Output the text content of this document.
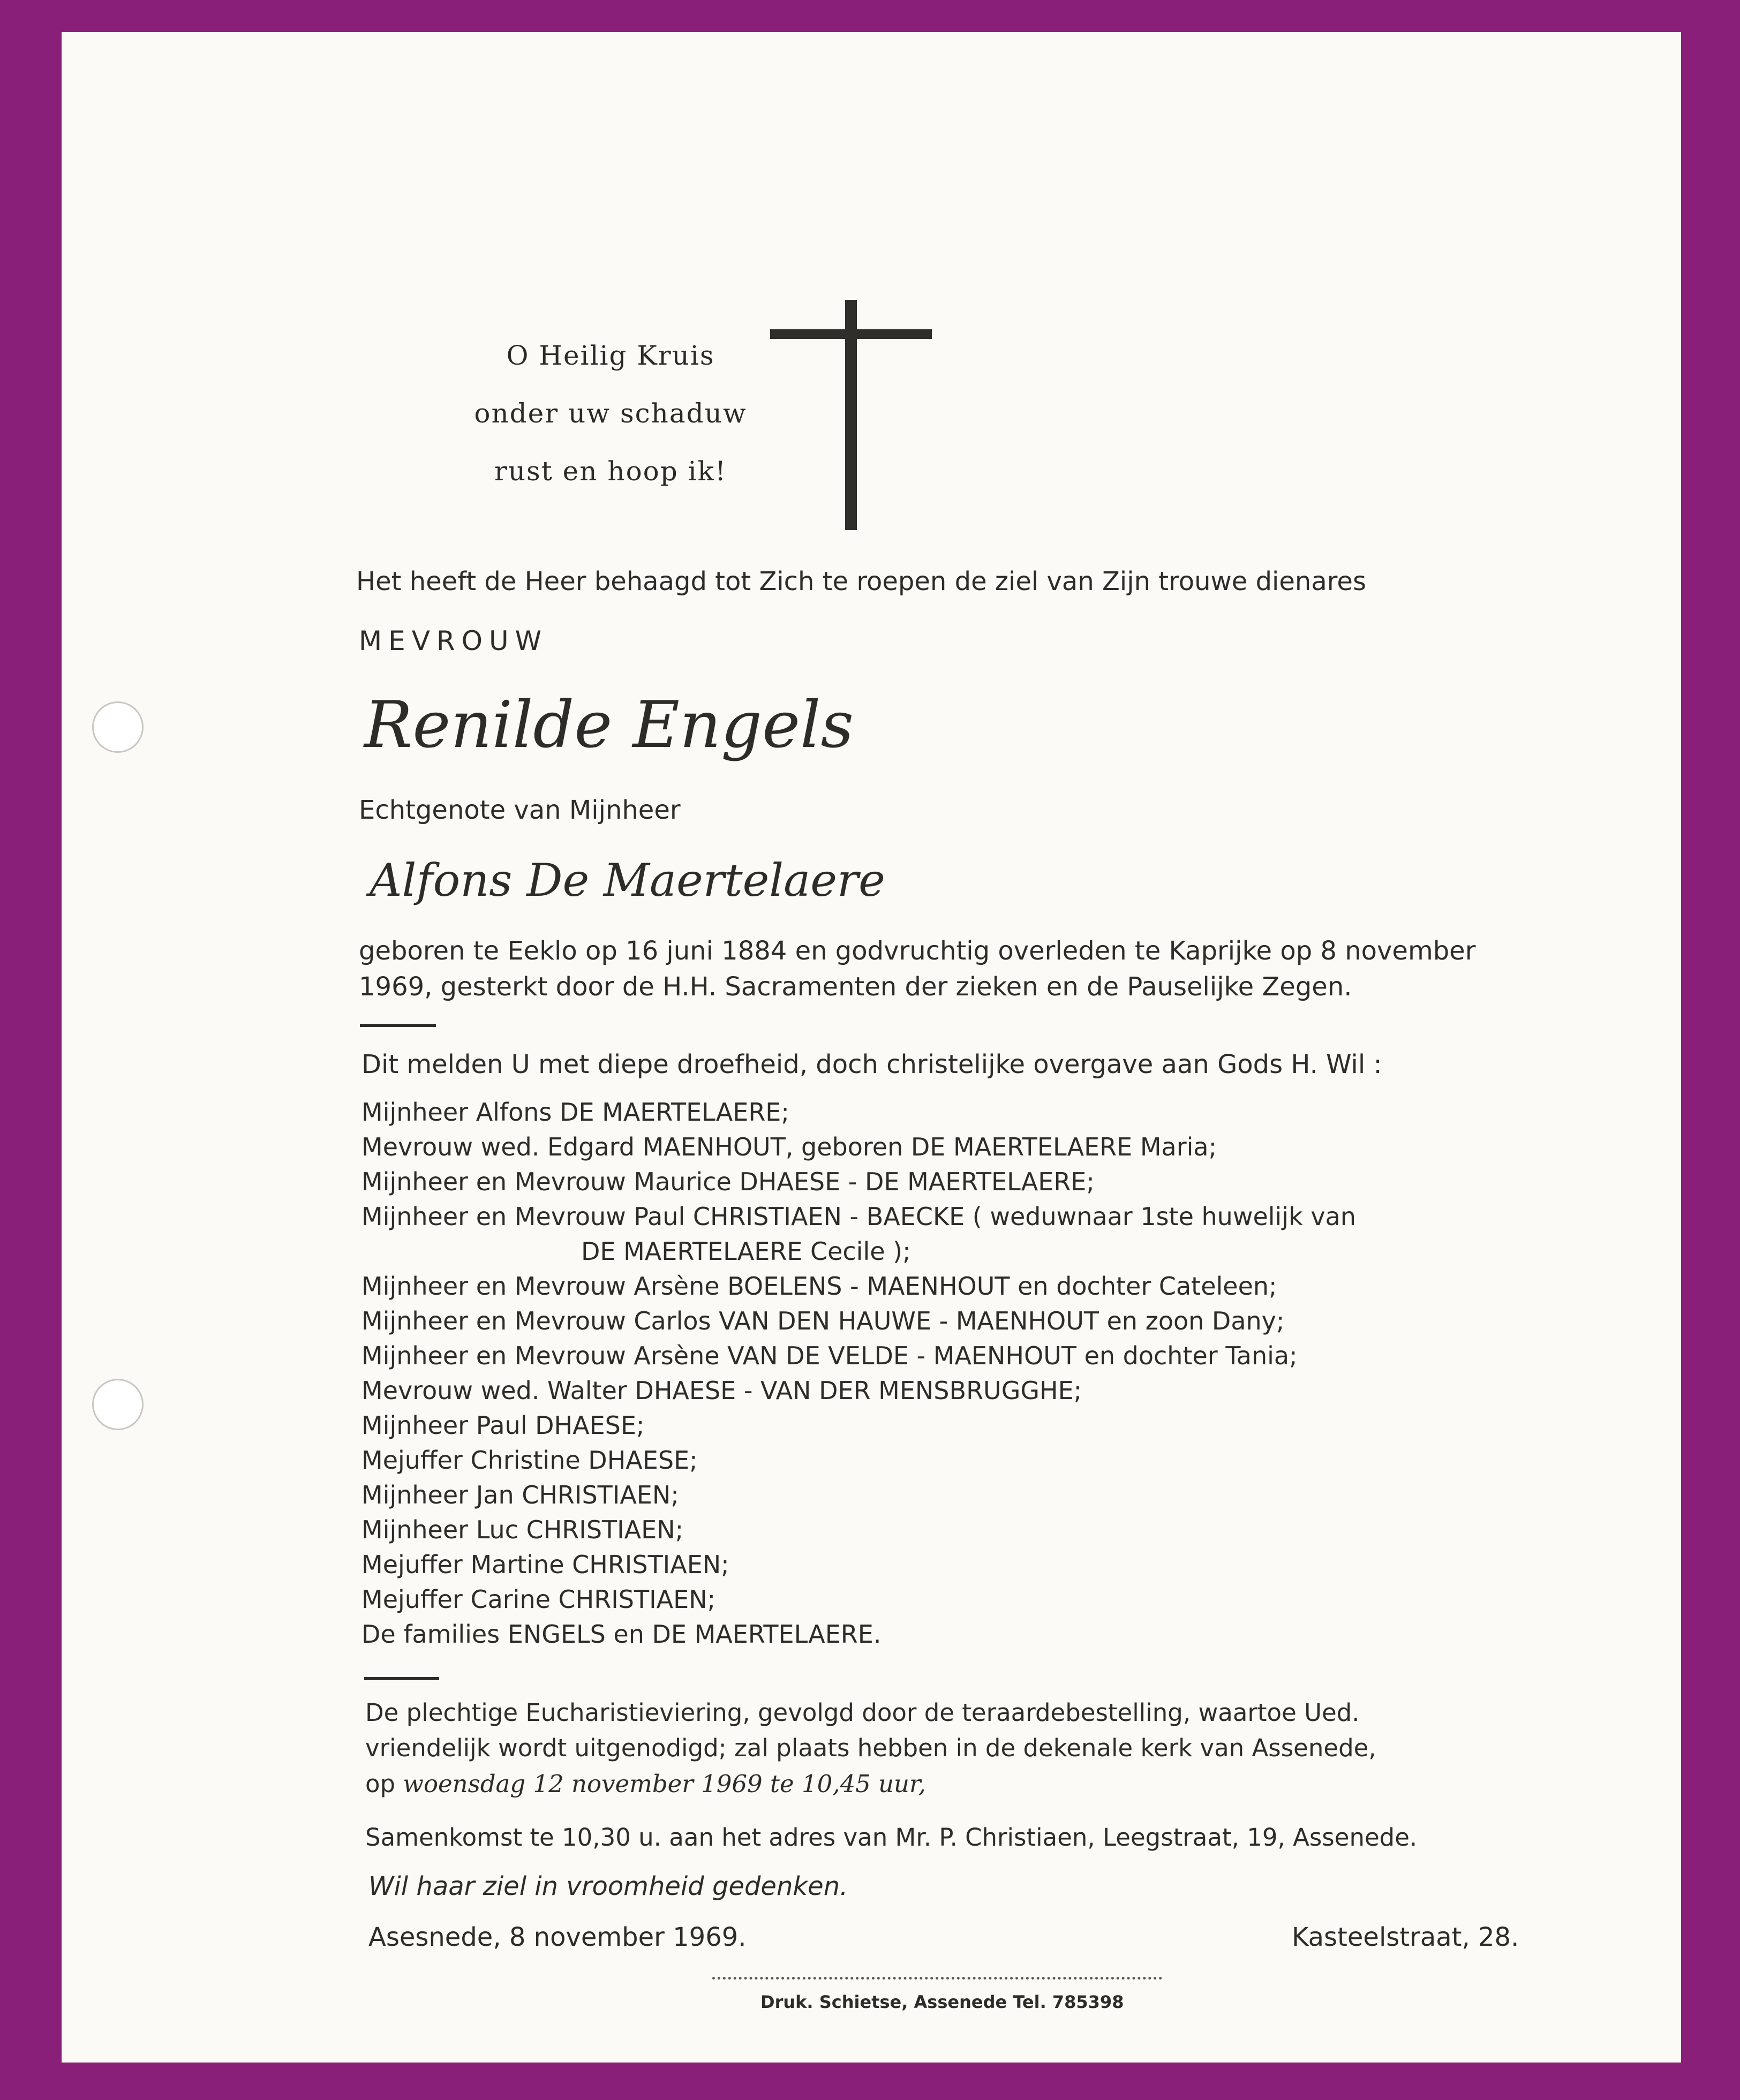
O Heilig Kruis
onder uw schaduw
rust en hoop ik!
Het heeft de Heer behaagd tot Zich te roepen de ziel van Zijn trouwe dienares
MEVROUW
Renilde Engels
Echtgenote van Mijnheer
Alfons De Maertelaere
geboren te Eeklo op 16 juni 1884 en godvruchtig overleden te Kaprijke op 8 november
1969, gesterkt door de H.H. Sacramenten der zieken en de Pauselijke Zegen.
Dit melden U met diepe droefheid, doch christelijke overgave aan Gods H. Wil :
Mijnheer Alfons DE MAERTELAERE;
Mevrouw wed. Edgard MAENHOUT, geboren DE MAERTELAERE Maria;
Mijnheer en Mevrouw Maurice DHAESE - DE MAERTELAERE;
Mijnheer en Mevrouw Paul CHRISTIAEN - BAECKE ( weduwnaar 1ste huwelijk van
DE MAERTELAERE Cecile );
Mijnheer en Mevrouw Arsène BOELENS - MAENHOUT en dochter Cateleen;
Mijnheer en Mevrouw Carlos VAN DEN HAUWE - MAENHOUT en zoon Dany;
Mijnheer en Mevrouw Arsène VAN DE VELDE - MAENHOUT en dochter Tania;
Mevrouw wed. Walter DHAESE - VAN DER MENSBRUGGHE;
Mijnheer Paul DHAESE;
Mejuffer Christine DHAESE;
Mijnheer Jan CHRISTIAEN;
Mijnheer Luc CHRISTIAEN;
Mejuffer Martine CHRISTIAEN;
Mejuffer Carine CHRISTIAEN;
De families ENGELS en DE MAERTELAERE.
De plechtige Eucharistieviering, gevolgd door de teraardebestelling, waartoe Ued.
vriendelijk wordt uitgenodigd; zal plaats hebben in de dekenale kerk van Assenede,
op woensdag 12 november 1969 te 10,45 uur,
Samenkomst te 10,30 u. aan het adres van Mr. P. Christiaen, Leegstraat, 19, Assenede.
Wil haar ziel in vroomheid gedenken.
Asesnede, 8 november 1969.	Kasteelstraat, 28.
Druk. Schietse, Assenede Tel. 785398
